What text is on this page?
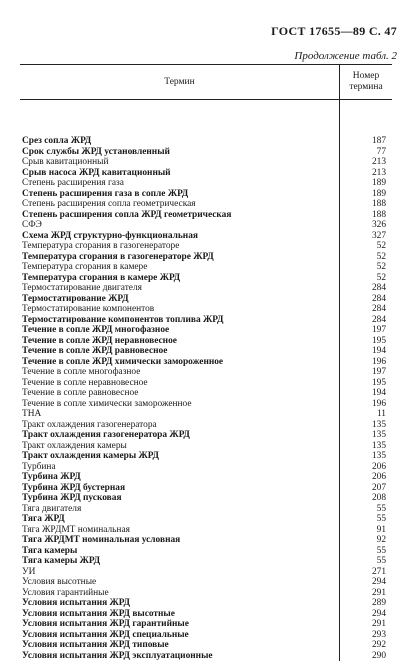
ГОСТ 17655—89 С. 47
Продолжение табл. 2
Термин
Номер
термина
Срез сопла ЖРД	187
Срок службы ЖРД установленный	77
Срыв кавитационный	213
Срыв насоса ЖРД кавитационный	213
Степень расширения газа	189
Степень расширения газа в сопле ЖРД	189
Степень расширения сопла геометрическая	188
Степень расширения сопла ЖРД геометрическая	188
СФЭ	326
Схема ЖРД структурно-функциональная	327
Температура сгорания в газогенераторе	52
Температура сгорания в газогенераторе ЖРД	52
Температура сгорания в камере	52
Температура сгорания в камере ЖРД	52
Термостатирование двигателя	284
Термостатирование ЖРД	284
Термостатирование компонентов	284
Термостатирование компонентов топлива ЖРД	284
Течение в сопле ЖРД многофазное	197
Течение в сопле ЖРД неравновесное	195
Течение в сопле ЖРД равновесное	194
Течение в сопле ЖРД химически замороженное	196
Течение в сопле многофазное	197
Течение в сопле неравновесное	195
Течение в сопле равновесное	194
Течение в сопле химически замороженное	196
ТНА	11
Тракт охлаждения газогенератора	135
Тракт охлаждения газогенератора ЖРД	135
Тракт охлаждения камеры	135
Тракт охлаждения камеры ЖРД	135
Турбина	206
Турбина ЖРД	206
Турбина ЖРД бустерная	207
Турбина ЖРД пусковая	208
Тяга двигателя	55
Тяга ЖРД	55
Тяга ЖРДМТ номинальная	91
Тяга ЖРДМТ номинальная условная	92
Тяга камеры	55
Тяга камеры ЖРД	55
УИ	271
Условия высотные	294
Условия гарантийные	291
Условия испытания ЖРД	289
Условия испытания ЖРД высотные	294
Условия испытания ЖРД гарантийные	291
Условия испытания ЖРД специальные	293
Условия испытания ЖРД типовые	292
Условия испытания ЖРД эксплуатационные	290
